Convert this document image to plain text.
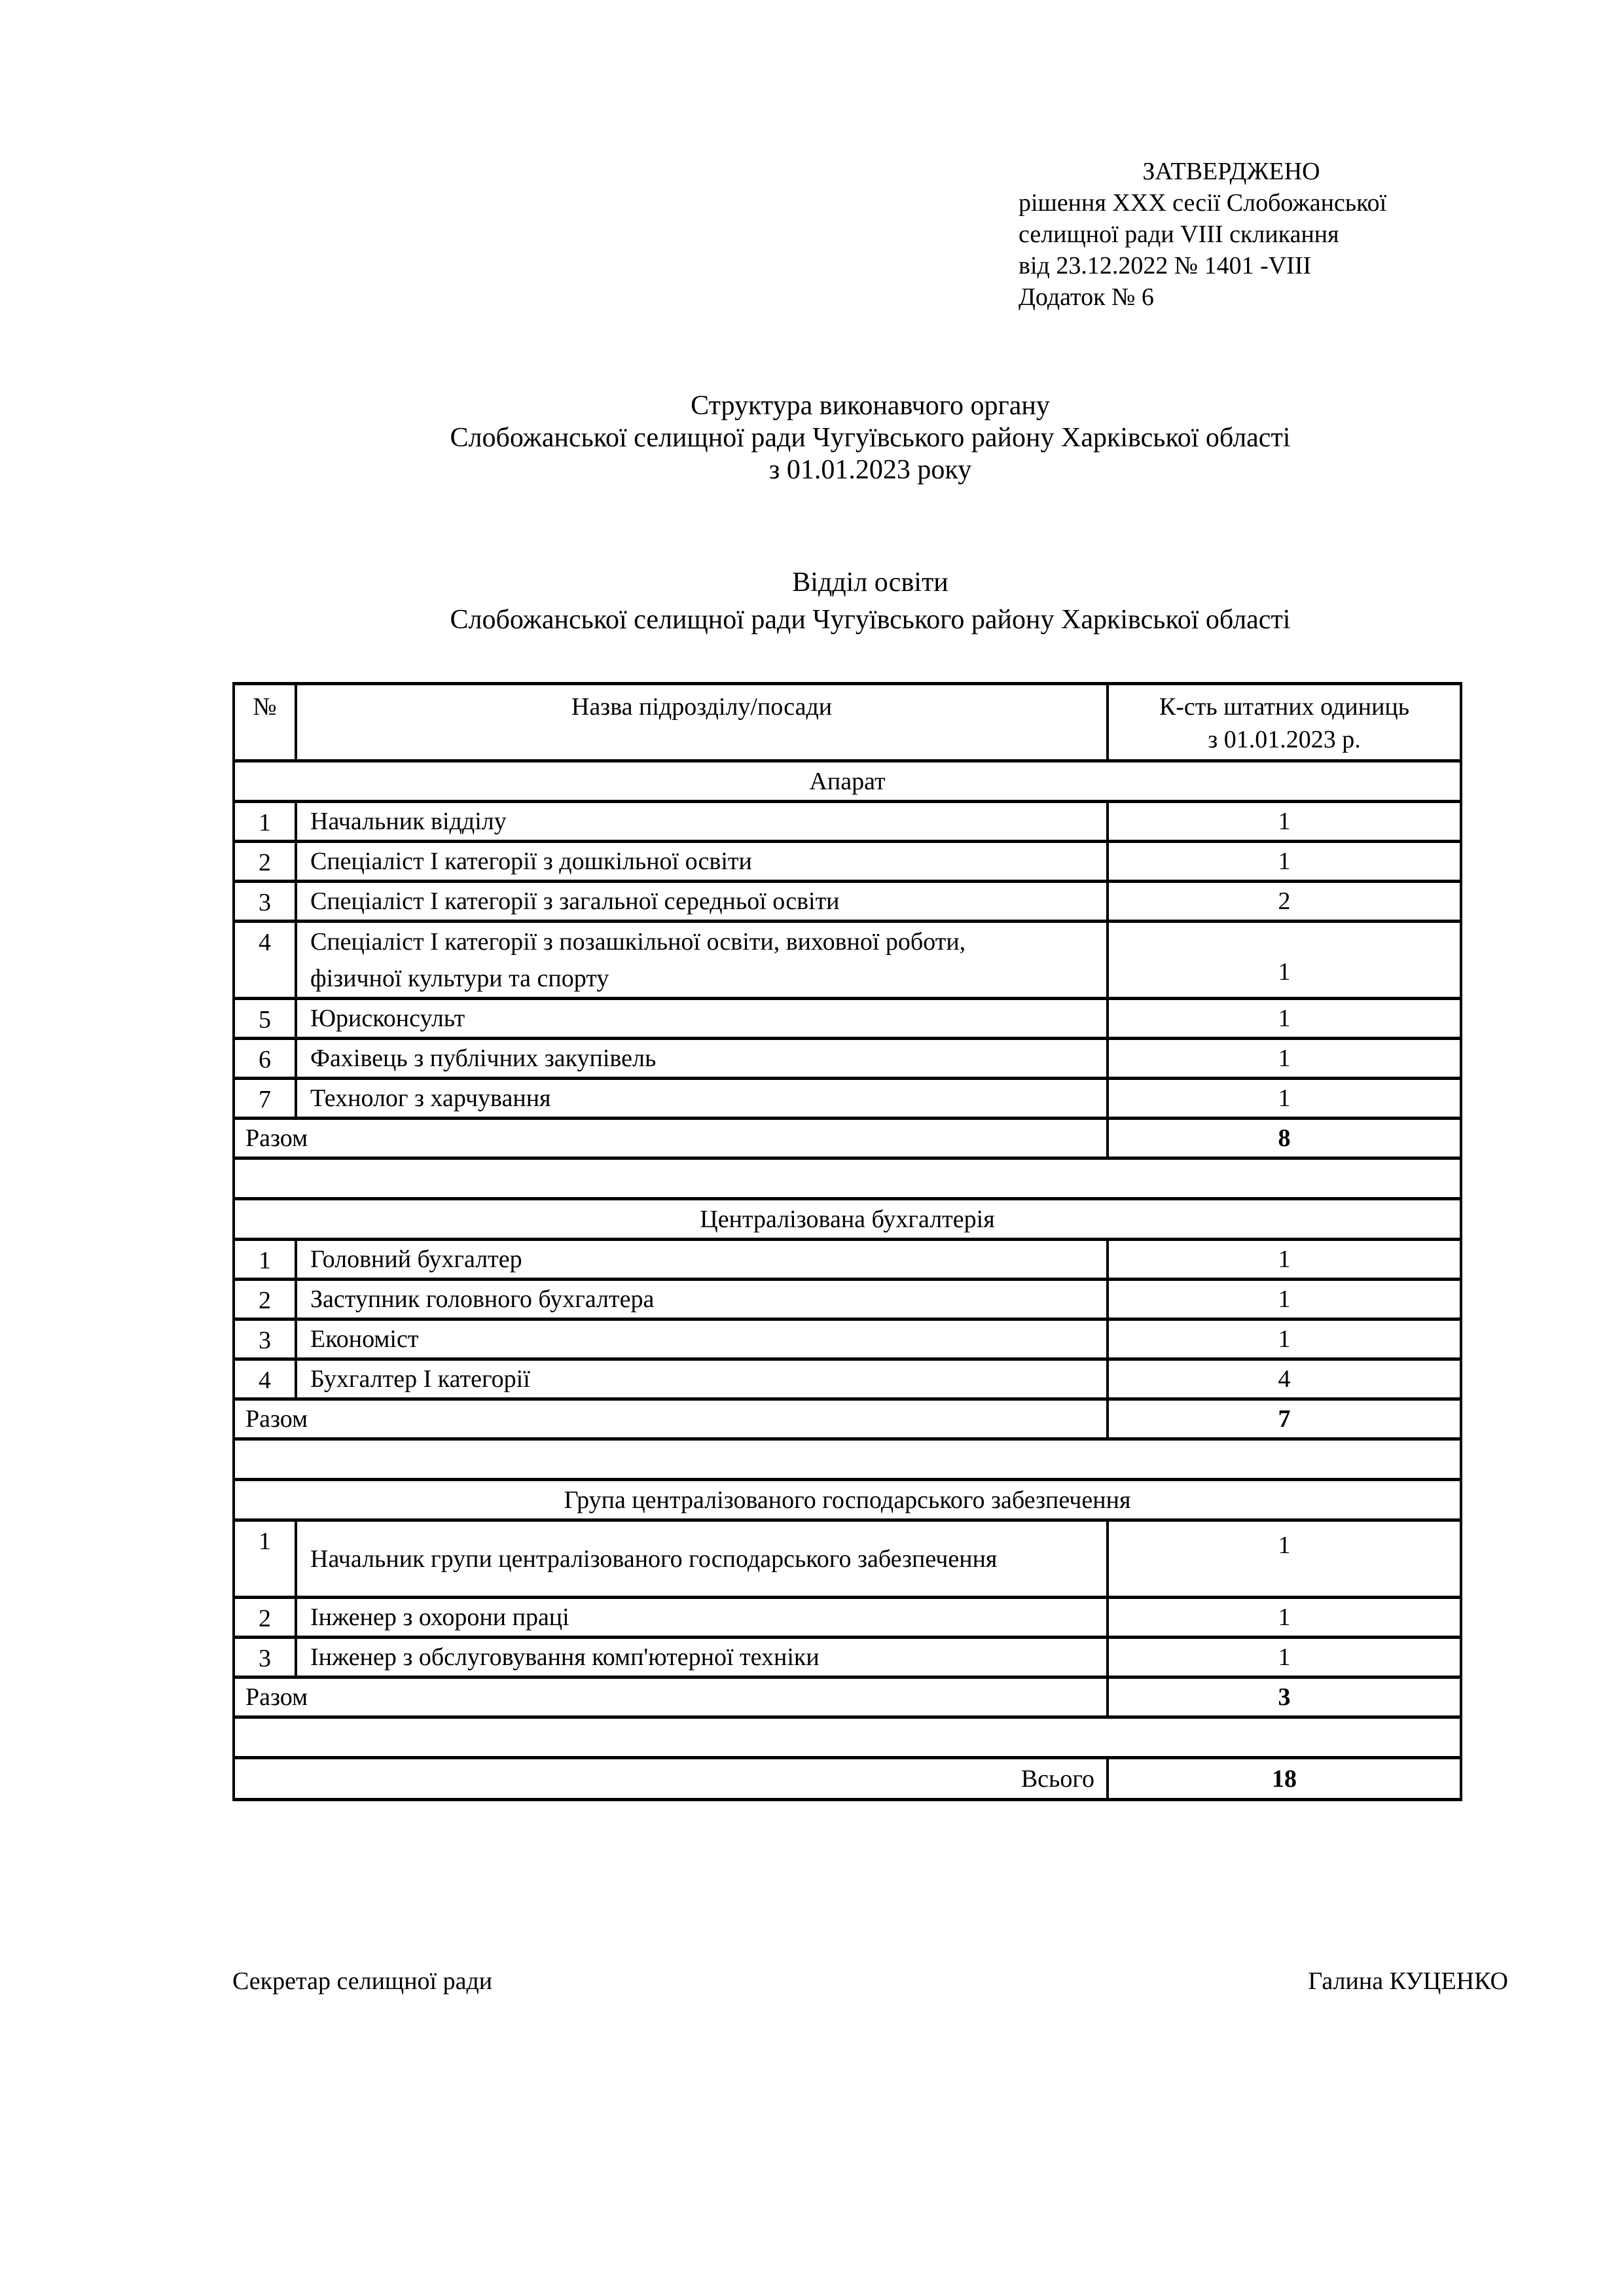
ЗАТВЕРДЖЕНО
рішення XXX сесії Слобожанської
селищної ради VIII скликання
від 23.12.2022 № 1401 -VIII
Додаток № 6
Структура виконавчого органу
Слобожанської селищної ради Чугуївського району Харківської області
з 01.01.2023 року
Відділ освіти
Слобожанської селищної ради Чугуївського району Харківської області
№	Назва підрозділу/посади	К-сть штатних одиниць
з 01.01.2023 р.

Апарат		
1	Начальник відділу	1
2	Спеціаліст I категорії з дошкільної освіти	1
3	Спеціаліст I категорії з загальної середньої освіти	2
4	Спеціаліст I категорії з позашкільної освіти, виховної роботи, фізичної культури та спорту	1
5	Юрисконсульт	1
6	Фахівець з публічних закупівель	1
7	Технолог з харчування	1
Разом		8

Централізована бухгалтерія		
1	Головний бухгалтер	1
2	Заступник головного бухгалтера	1
3	Економіст	1
4	Бухгалтер I категорії	4
Разом		7

Група централізованого господарського забезпечення		
1	Начальник групи централізованого господарського забезпечення	1
2	Інженер з охорони праці	1
3	Інженер з обслуговування комп'ютерної техніки	1
Разом		3

Всього		18
Секретар селищної ради	Галина КУЦЕНКО
